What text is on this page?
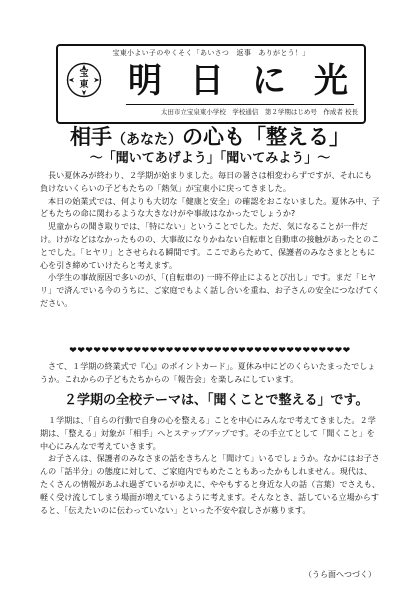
宝東小よい子のやくそく「あいさつ　返事　ありがとう！」
宝
東	明 日 に 光
太田市立宝泉東小学校　学校通信　第２学期はじめ号　作成者 校長
相手（あなた）の心も「整える」
～「聞いてあげよう」「聞いてみよう」～

長い夏休みが終わり、２学期が始まりました。毎日の暑さは相変わらずですが、それにも負けないくらいの子どもたちの「熱気」が宝東小に戻ってきました。

本日の始業式では、何よりも大切な「健康と安全」の確認をおこないました。夏休み中、子どもたちの命に関わるような大きなけがや事故はなかったでしょうか?

児童からの聞き取りでは、「特にない」ということでした。ただ、気になることが一件だけ。けがなどはなかったものの、大事故になりかねない自転車と自動車の接触があったとのことでした。「ヒヤリ」とさせられる瞬間です。ここであらためて、保護者のみなさまとともに心を引き締めていけたらと考えます。

小学生の事故原因で多いのが、「(自転車の) 一時不停止によるとび出し」です。まだ「ヒヤリ」で済んでいる今のうちに、ご家庭でもよく話し合いを重ね、お子さんの安全につなげてください。

❤❤❤❤❤❤❤❤❤❤❤❤❤❤❤❤❤❤❤❤❤❤❤❤❤❤❤❤❤❤❤❤❤❤❤

さて、１学期の終業式で『心』のポイントカード」。夏休み中にどのくらいたまったでしょうか。これからの子どもたちからの「報告会」を楽しみにしています。

２学期の全校テーマは、「聞くことで整える」です。

１学期は、「自らの行動で自身の心を整える」ことを中心にみんなで考えてきました。２学期は、「整える」対象が「相手」へとステップアップです。その手立てとして「聞くこと」を中心にみんなで考えていきます。

お子さんは、保護者のみなさまの話をきちんと「聞けて」いるでしょうか。なかにはお子さんの「話半分」の態度に対して、ご家庭内でもめたこともあったかもしれません。現代は、たくさんの情報があふれ過ぎているがゆえに、ややもすると身近な人の話（言葉）でさえも、軽く受け流してしまう場面が増えているように考えます。そんなとき、話している立場からすると、「伝えたいのに伝わっていない」といった不安や寂しさが募ります。

（うら面へつづく）
